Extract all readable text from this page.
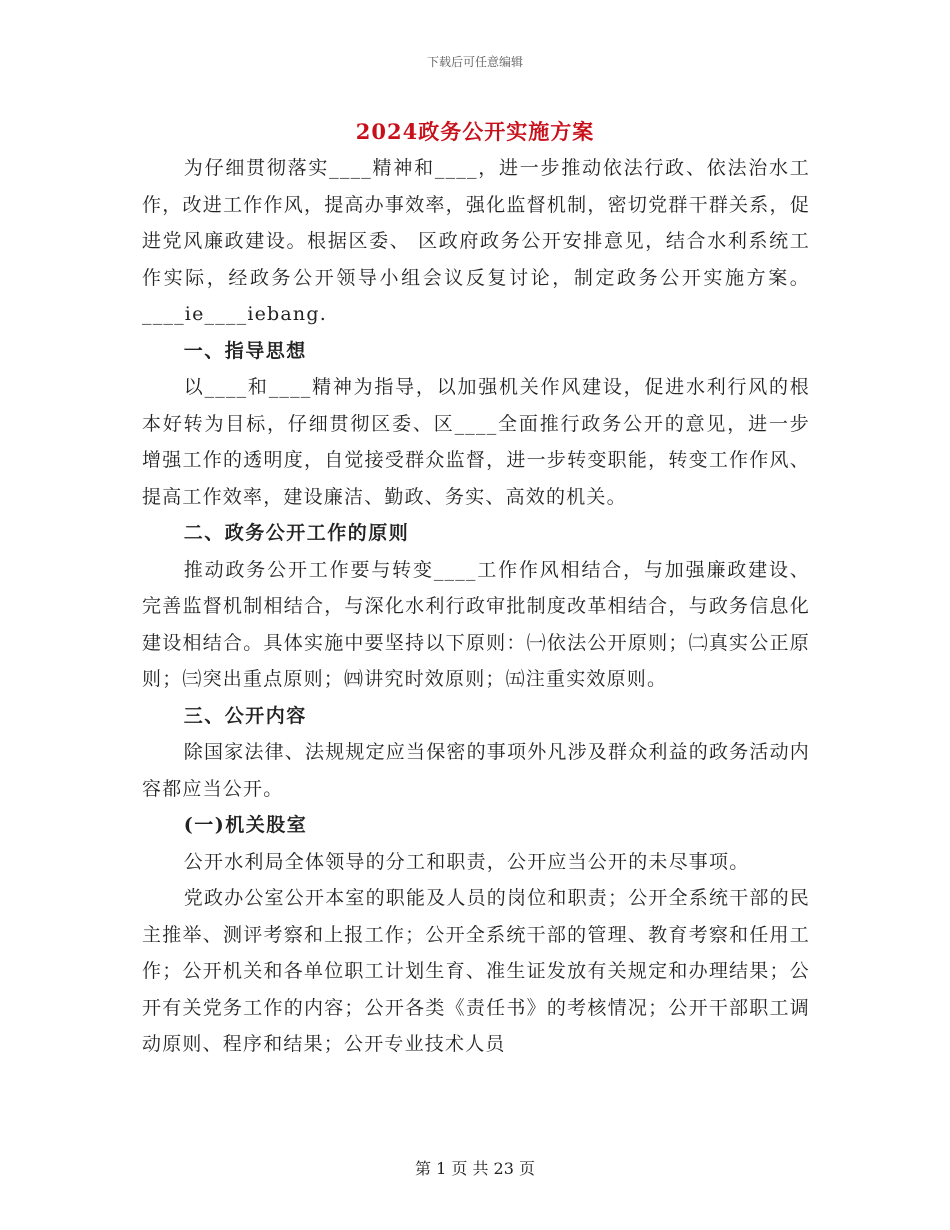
下载后可任意编辑
2024政务公开实施方案

为仔细贯彻落实____精神和____，进一步推动依法行政、依法治水工作，改进工作作风，提高办事效率，强化监督机制，密切党群干群关系，促进党风廉政建设。根据区委、 区政府政务公开安排意见，结合水利系统工作实际，经政务公开领导小组会议反复讨论，制定政务公开实施方案。____ie____iebang.

一、指导思想

以____和____精神为指导，以加强机关作风建设，促进水利行风的根本好转为目标，仔细贯彻区委、区____全面推行政务公开的意见，进一步增强工作的透明度，自觉接受群众监督，进一步转变职能，转变工作作风、提高工作效率，建设廉洁、勤政、务实、高效的机关。

二、政务公开工作的原则

推动政务公开工作要与转变____工作作风相结合，与加强廉政建设、完善监督机制相结合，与深化水利行政审批制度改革相结合，与政务信息化建设相结合。具体实施中要坚持以下原则：㈠依法公开原则；㈡真实公正原则；㈢突出重点原则；㈣讲究时效原则；㈤注重实效原则。

三、公开内容

除国家法律、法规规定应当保密的事项外凡涉及群众利益的政务活动内容都应当公开。

(一)机关股室

公开水利局全体领导的分工和职责，公开应当公开的未尽事项。

党政办公室公开本室的职能及人员的岗位和职责；公开全系统干部的民主推举、测评考察和上报工作；公开全系统干部的管理、教育考察和任用工作；公开机关和各单位职工计划生育、准生证发放有关规定和办理结果；公开有关党务工作的内容；公开各类《责任书》的考核情况；公开干部职工调动原则、程序和结果；公开专业技术人员

第 1 页 共 23 页
